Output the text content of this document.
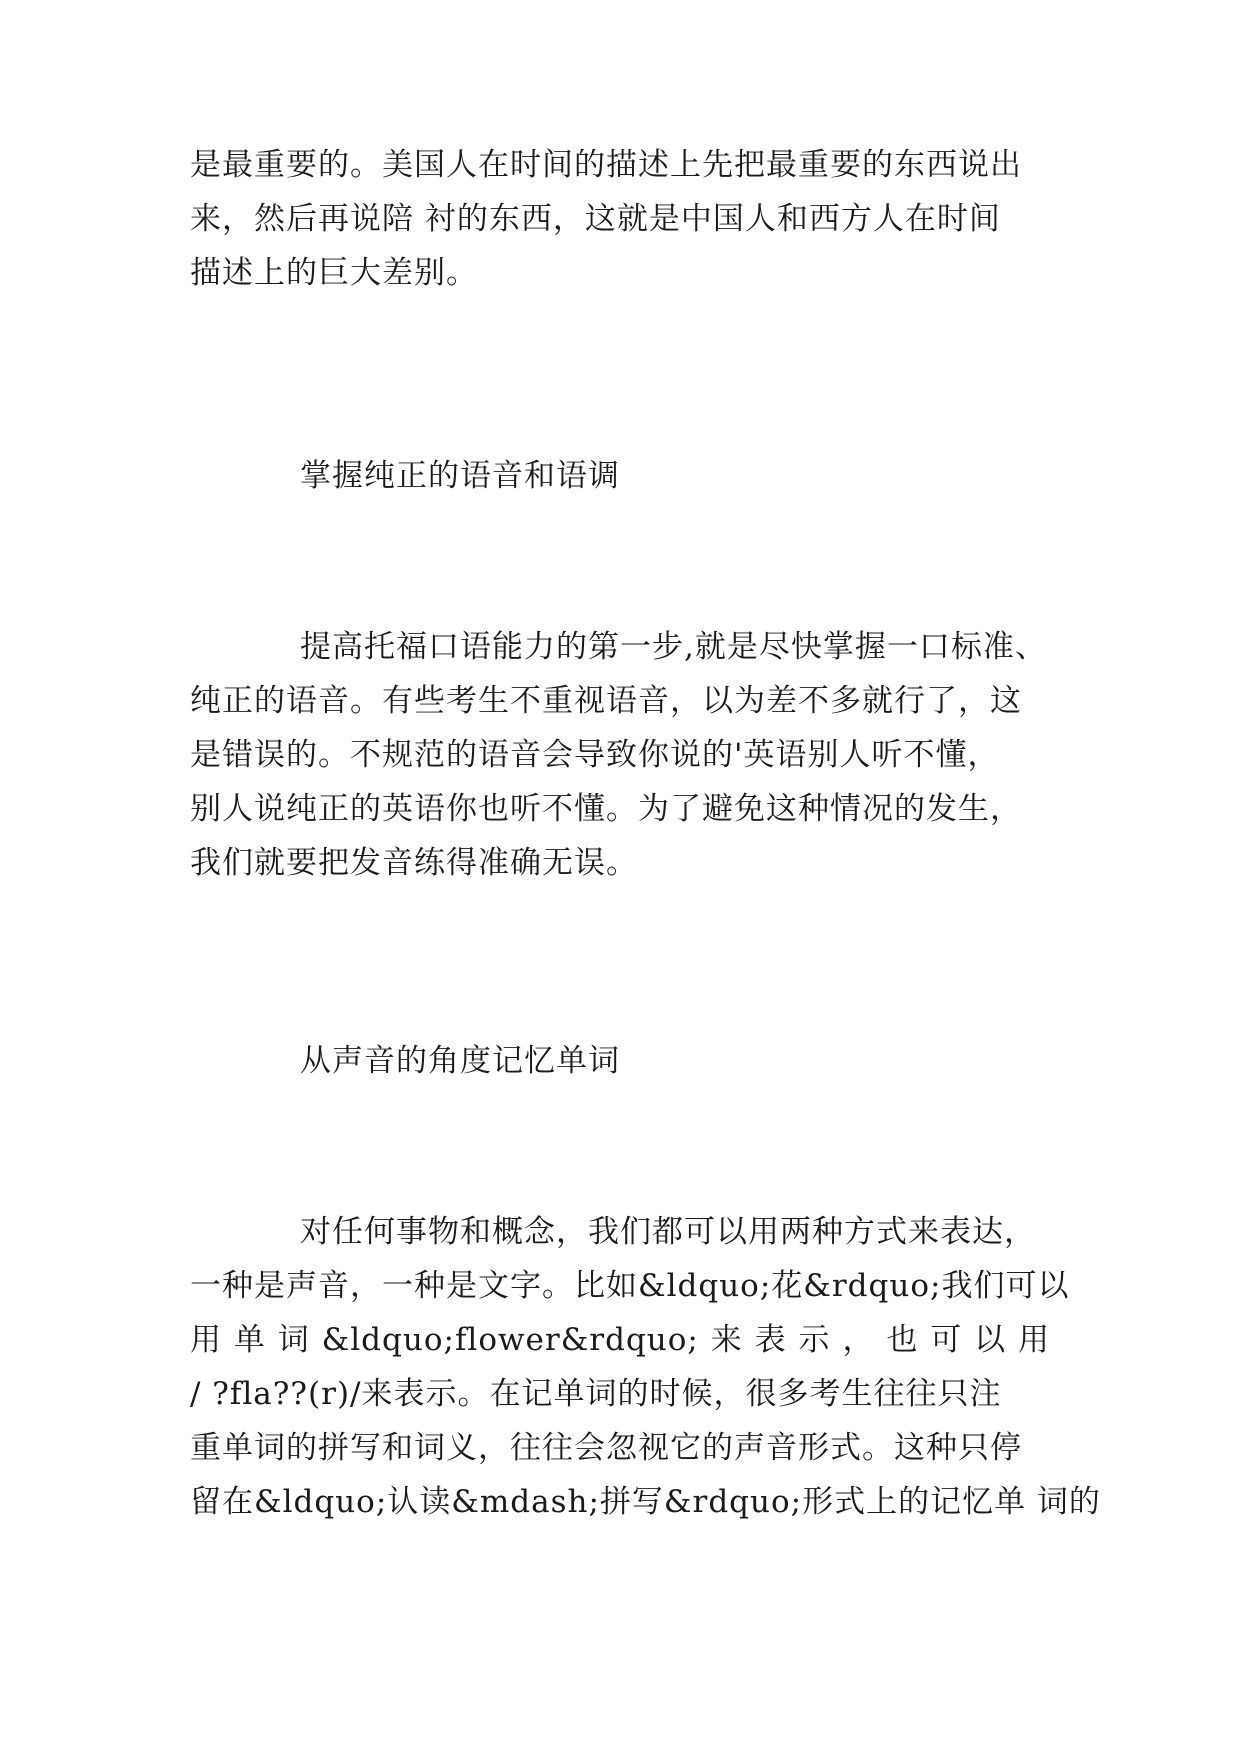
是最重要的。美国人在时间的描述上先把最重要的东西说出
来，然后再说陪 衬的东西，这就是中国人和西方人在时间
描述上的巨大差别。
掌握纯正的语音和语调
提高托福口语能力的第一步,就是尽快掌握一口标准、
纯正的语音。有些考生不重视语音，以为差不多就行了，这
是错误的。不规范的语音会导致你说的'英语别人听不懂，
别人说纯正的英语你也听不懂。为了避免这种情况的发生，
我们就要把发音练得准确无误。
从声音的角度记忆单词
对任何事物和概念，我们都可以用两种方式来表达，
一种是声音，一种是文字。比如&ldquo;花&rdquo;我们可以
用 单 词 &ldquo;flower&rdquo; 来 表 示 ， 也 可 以 用
/ ?fla??(r)/来表示。在记单词的时候，很多考生往往只注
重单词的拼写和词义，往往会忽视它的声音形式。这种只停
留在&ldquo;认读&mdash;拼写&rdquo;形式上的记忆单 词的
